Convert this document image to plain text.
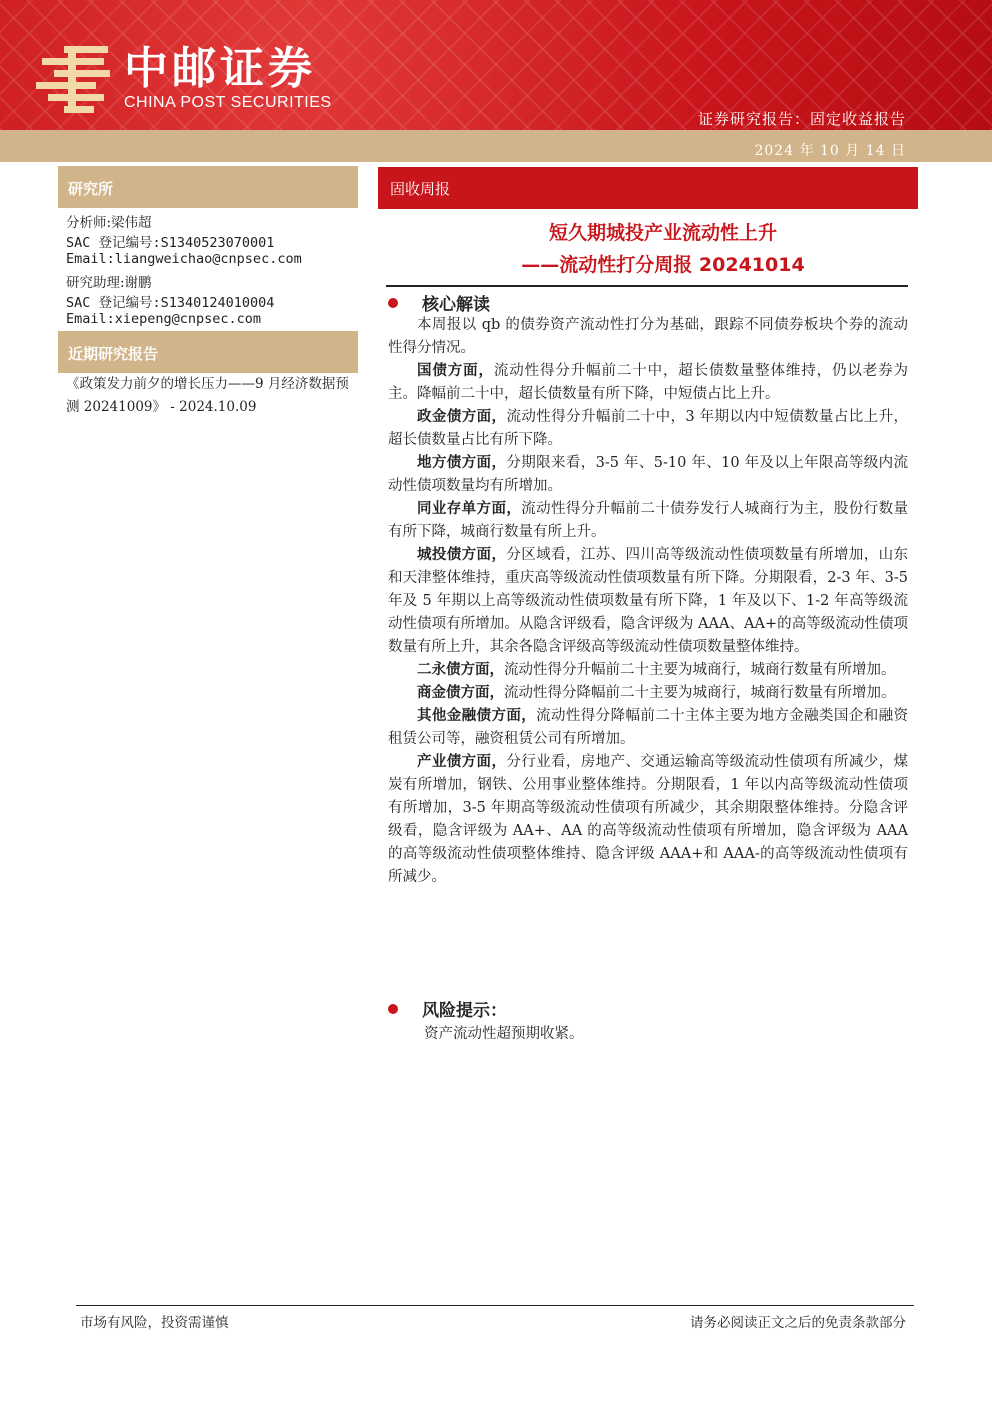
中邮证券
CHINA POST SECURITIES
证券研究报告：固定收益报告
2024 年 10 月 14 日
研究所
分析师:梁伟超
SAC 登记编号:S1340523070001
Email:liangweichao@cnpsec.com
研究助理:谢鹏
SAC 登记编号:S1340124010004
Email:xiepeng@cnpsec.com
近期研究报告
《政策发力前夕的增长压力——9 月经济数据预测 20241009》 - 2024.10.09
固收周报
短久期城投产业流动性上升
——流动性打分周报 20241014
核心解读

本周报以 qb 的债券资产流动性打分为基础，跟踪不同债券板块个券的流动性得分情况。

国债方面，流动性得分升幅前二十中，超长债数量整体维持，仍以老券为主。降幅前二十中，超长债数量有所下降，中短债占比上升。

政金债方面，流动性得分升幅前二十中，3 年期以内中短债数量占比上升，超长债数量占比有所下降。

地方债方面，分期限来看，3-5 年、5-10 年、10 年及以上年限高等级内流动性债项数量均有所增加。

同业存单方面，流动性得分升幅前二十债券发行人城商行为主，股份行数量有所下降，城商行数量有所上升。

城投债方面，分区域看，江苏、四川高等级流动性债项数量有所增加，山东和天津整体维持，重庆高等级流动性债项数量有所下降。分期限看，2-3 年、3-5 年及 5 年期以上高等级流动性债项数量有所下降，1 年及以下、1-2 年高等级流动性债项有所增加。从隐含评级看，隐含评级为 AAA、AA+的高等级流动性债项数量有所上升，其余各隐含评级高等级流动性债项数量整体维持。

二永债方面，流动性得分升幅前二十主要为城商行，城商行数量有所增加。

商金债方面，流动性得分降幅前二十主要为城商行，城商行数量有所增加。

其他金融债方面，流动性得分降幅前二十主体主要为地方金融类国企和融资租赁公司等，融资租赁公司有所增加。

产业债方面，分行业看，房地产、交通运输高等级流动性债项有所减少，煤炭有所增加，钢铁、公用事业整体维持。分期限看，1 年以内高等级流动性债项有所增加，3-5 年期高等级流动性债项有所减少，其余期限整体维持。分隐含评级看，隐含评级为 AA+、AA 的高等级流动性债项有所增加，隐含评级为 AAA 的高等级流动性债项整体维持、隐含评级 AAA+和 AAA-的高等级流动性债项有所减少。

风险提示：
资产流动性超预期收紧。
市场有风险，投资需谨慎	请务必阅读正文之后的免责条款部分
